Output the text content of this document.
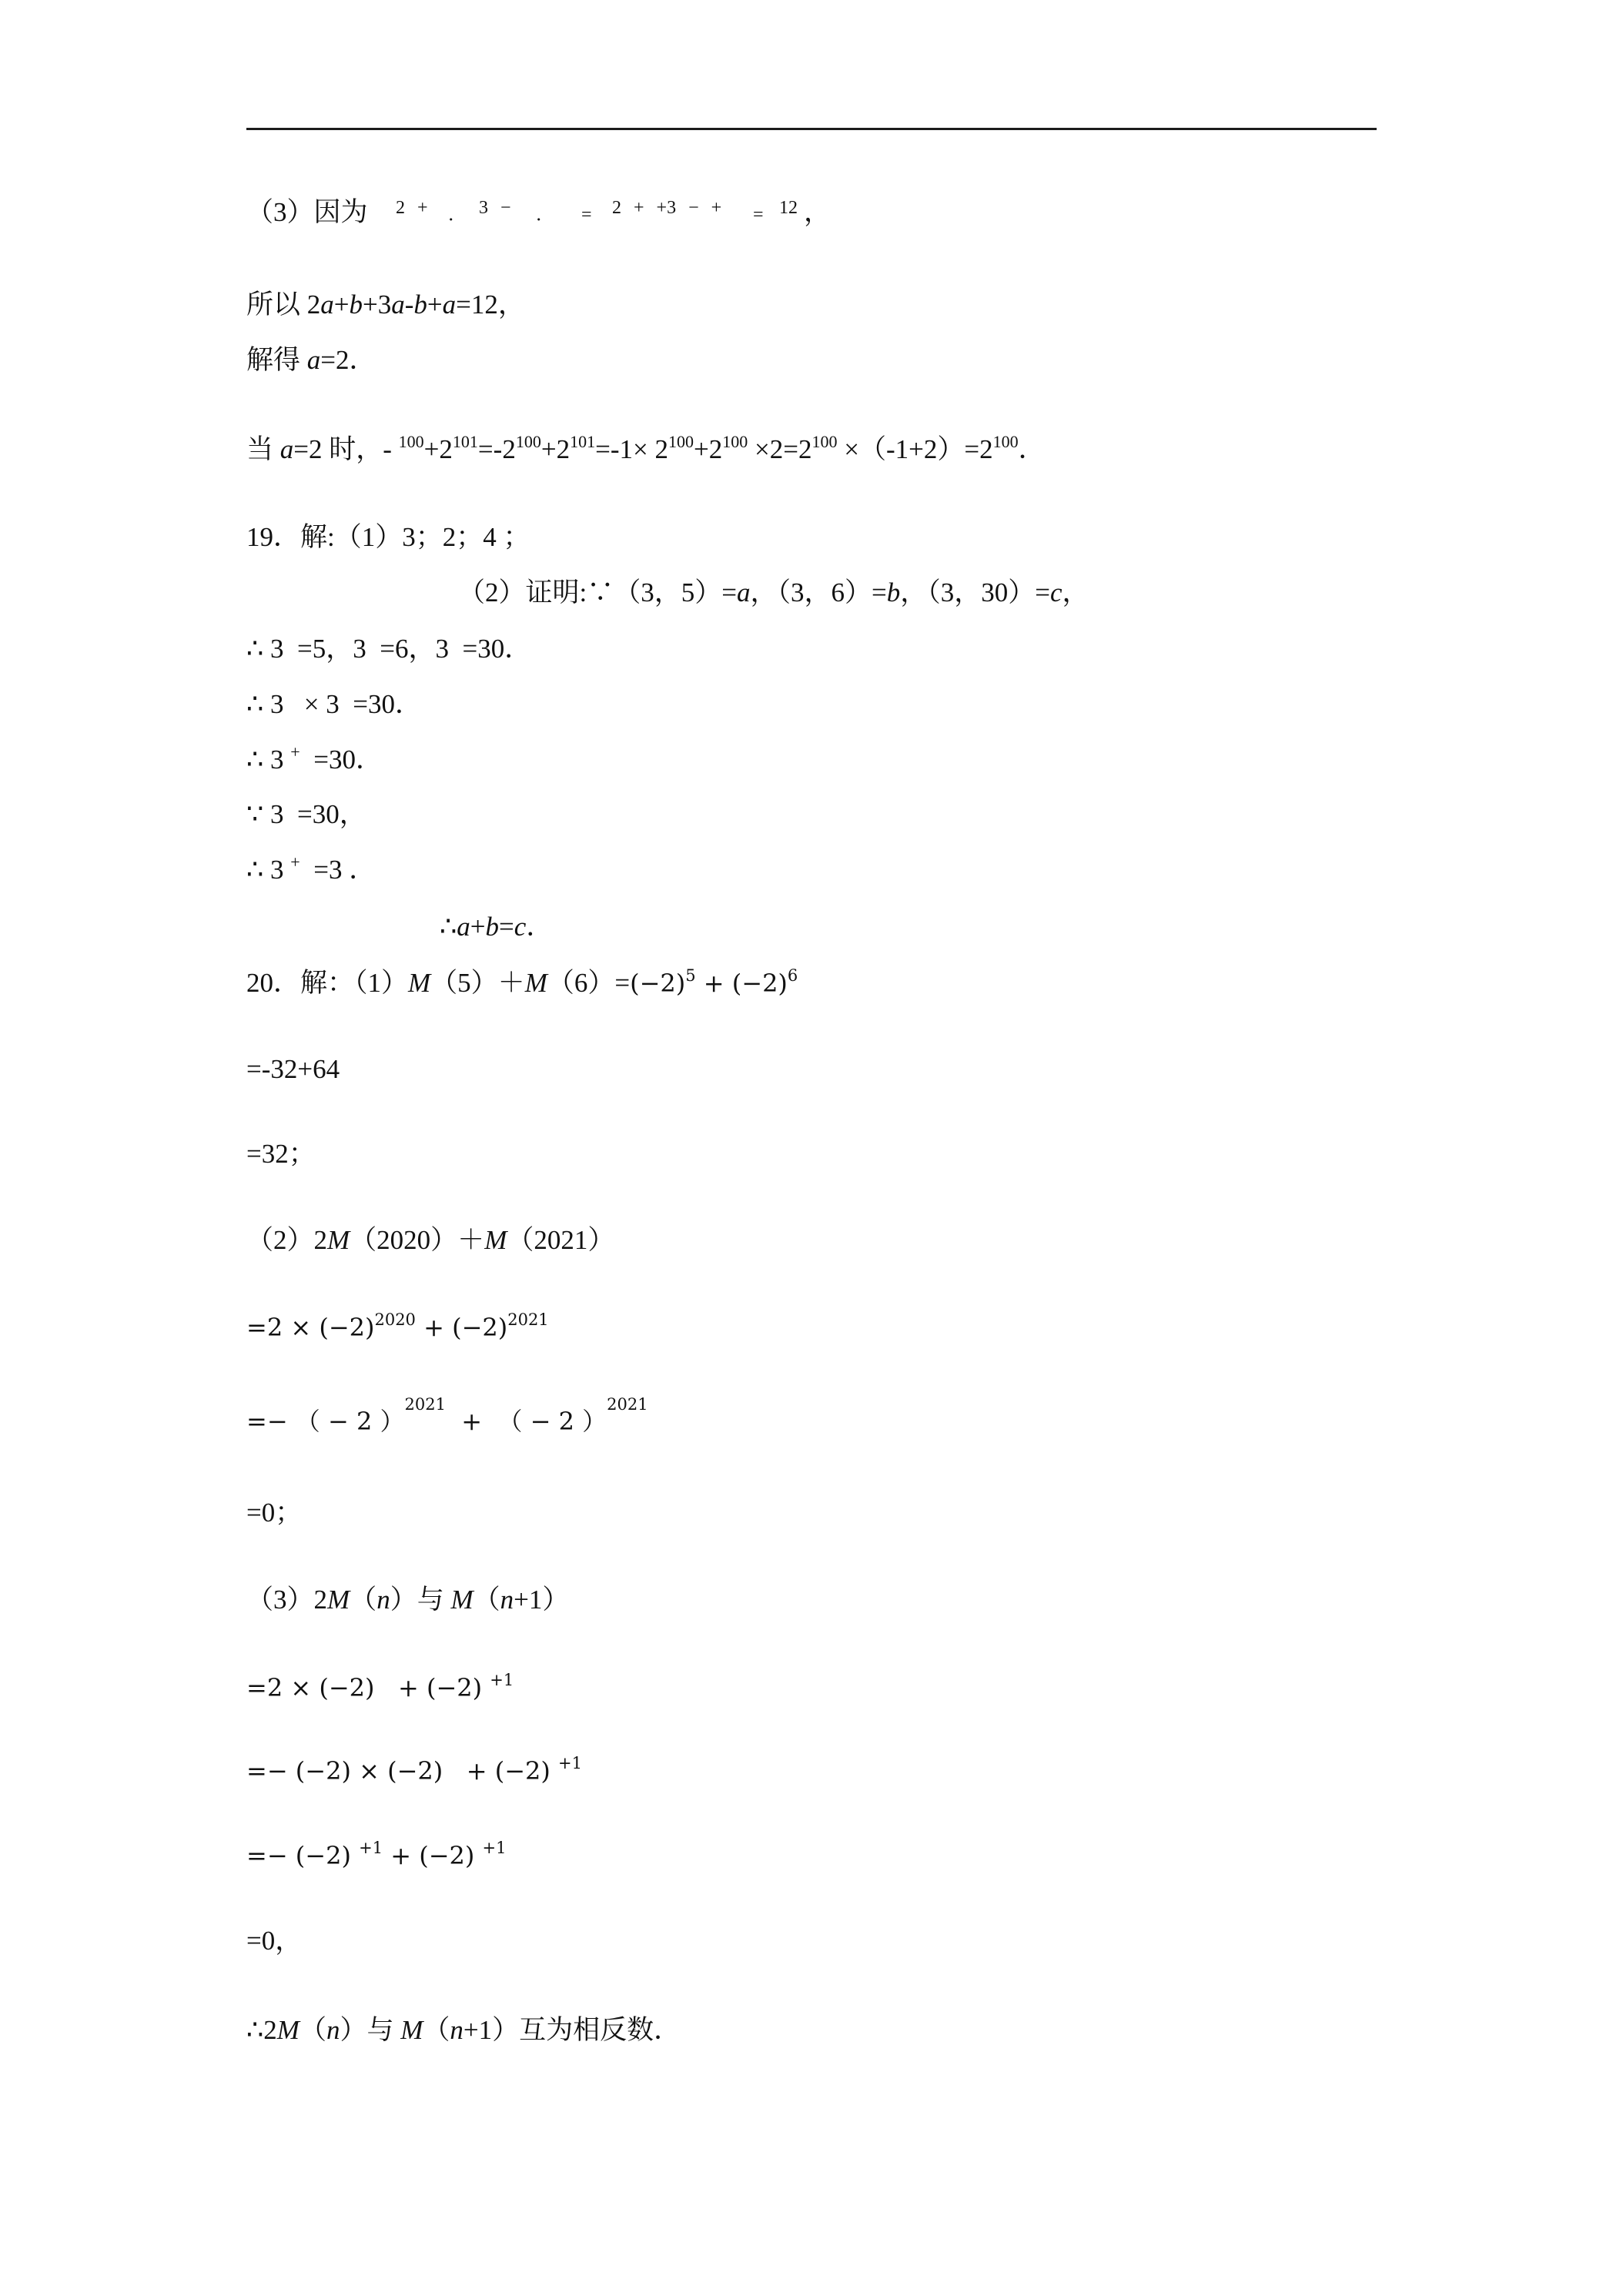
（3）因为 2 + ． 3 − ． = 2 + +3 − + = 12 ，
所以 2 a + b +3 a - b + a =12，
解得  a =2．
当  a =2 时，-  100 +2 101 =-2 100 +2 101 =-1× 2 100 +2 100  ×2=2 100  ×（-1+2）=2 100 ．
19．解:（1）3；2；4 ；
（2）证明:∵（3，5）= a ，（3，6）= b ，（3，30）= c ，
∴ 3  =5，3  =6，3  =30．
∴ 3   × 3  =30．
∴ 3  +   =30．
∵ 3  =30，
∴ 3  +   =3 ．
∴ a + b = c ．
20．解：（1） M （5）＋ M （6）= (−2) 5  + (−2) 6
=-32+64
=32；
（2）2 M （2020）＋ M （2021）
=2 × (−2) 2020  + (−2) 2021
=− （ − 2 ） 2021   +  （ − 2 ） 2021
=0；
（3）2 M （ n ）与  M （ n +1）
=2 × (−2)   + (−2)  +1
=− (−2) × (−2)   + (−2)  +1
=− (−2)  +1  + (−2)  +1
=0，
∴2 M （ n ）与  M （ n +1）互为相反数．
